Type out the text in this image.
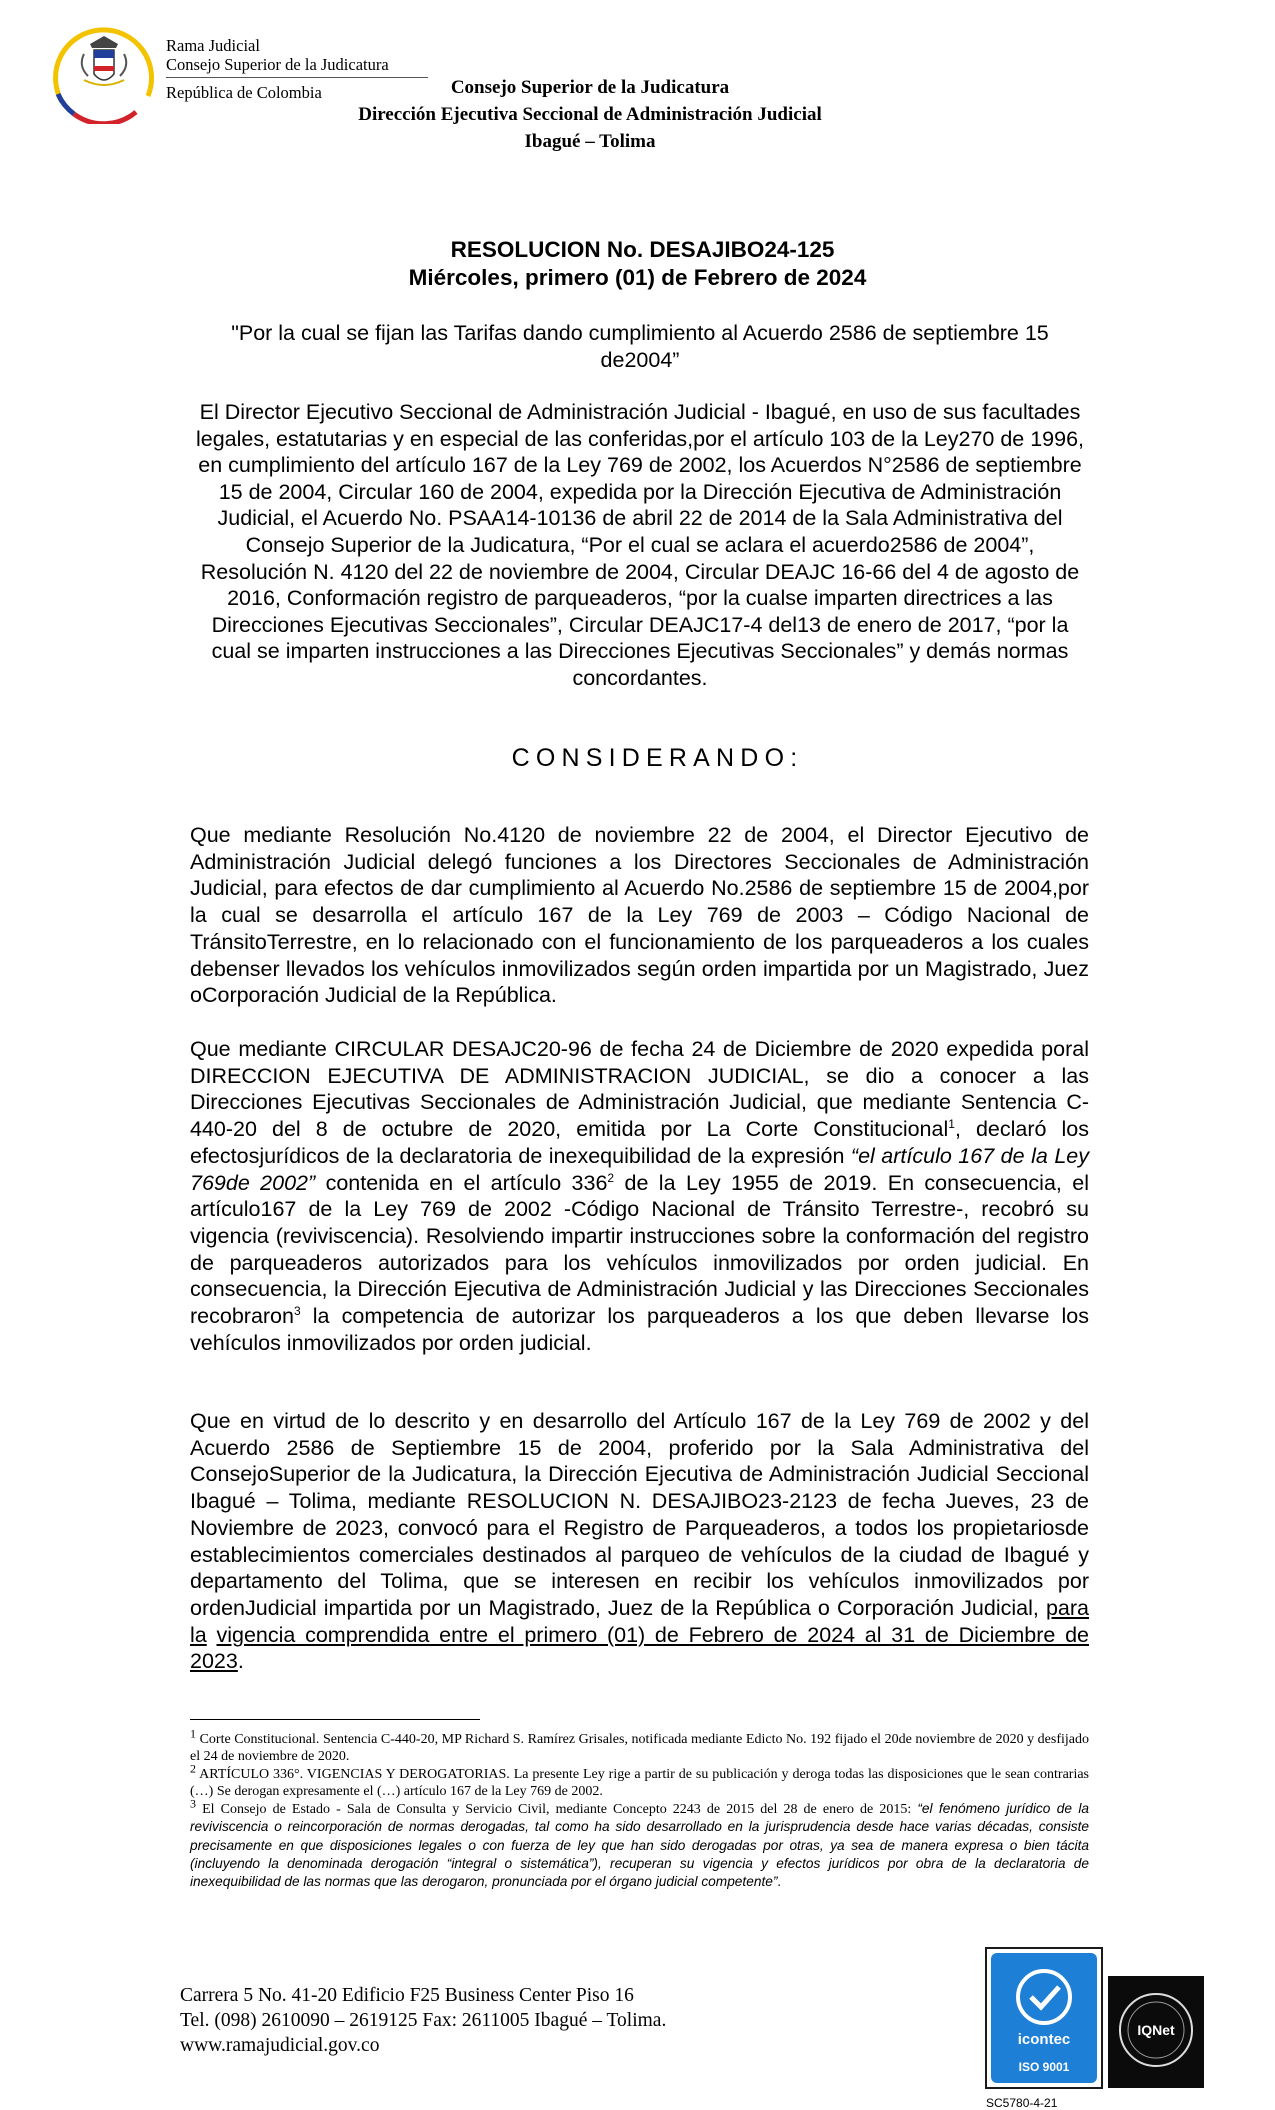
Rama Judicial
Consejo Superior de la Judicatura
República de Colombia	Consejo Superior de la Judicatura
Dirección Ejecutiva Seccional de Administración Judicial
Ibagué – Tolima
RESOLUCION No. DESAJIBO24-125
Miércoles, primero (01) de Febrero de 2024
"Por la cual se fijan las Tarifas dando cumplimiento al Acuerdo 2586 de septiembre 15 de2004”
El Director Ejecutivo Seccional de Administración Judicial - Ibagué, en uso de sus facultades legales, estatutarias y en especial de las conferidas,por el artículo 103 de la Ley270 de 1996, en cumplimiento del artículo 167 de la Ley 769 de 2002, los Acuerdos N°2586 de septiembre 15 de 2004, Circular 160 de 2004, expedida por la Dirección Ejecutiva de Administración Judicial, el Acuerdo No. PSAA14-10136 de abril 22 de 2014 de la Sala Administrativa del Consejo Superior de la Judicatura, “Por el cual se aclara el acuerdo2586 de 2004”, Resolución N. 4120 del 22 de noviembre de 2004, Circular DEAJC 16-66 del 4 de agosto de 2016, Conformación registro de parqueaderos, “por la cualse imparten directrices a las Direcciones Ejecutivas Seccionales”, Circular DEAJC17-4 del13 de enero de 2017, “por la cual se imparten instrucciones a las Direcciones Ejecutivas Seccionales” y demás normas concordantes.
CONSIDERANDO:
Que mediante Resolución No.4120 de noviembre 22 de 2004, el Director Ejecutivo de Administración Judicial delegó funciones a los Directores Seccionales de Administración Judicial, para efectos de dar cumplimiento al Acuerdo No.2586 de septiembre 15 de 2004,por la cual se desarrolla el artículo 167 de la Ley 769 de 2003 – Código Nacional de TránsitoTerrestre, en lo relacionado con el funcionamiento de los parqueaderos a los cuales debenser llevados los vehículos inmovilizados según orden impartida por un Magistrado, Juez oCorporación Judicial de la República.
Que mediante CIRCULAR DESAJC20-96 de fecha 24 de Diciembre de 2020 expedida poral DIRECCION EJECUTIVA DE ADMINISTRACION JUDICIAL, se dio a conocer a las Direcciones Ejecutivas Seccionales de Administración Judicial, que mediante Sentencia C-440-20 del 8 de octubre de 2020, emitida por La Corte Constitucional$^1$, declaró los efectosjurídicos de la declaratoria de inexequibilidad de la expresión “el artículo 167 de la Ley 769de 2002” contenida en el artículo $336^2$ de la Ley 1955 de 2019. En consecuencia, el artículo167 de la Ley 769 de 2002 -Código Nacional de Tránsito Terrestre-, recobró su vigencia (reviviscencia). Resolviendo impartir instrucciones sobre la conformación del registro de parqueaderos autorizados para los vehículos inmovilizados por orden judicial. En consecuencia, la Dirección Ejecutiva de Administración Judicial y las Direcciones Seccionales recobraron$^3$ la competencia de autorizar los parqueaderos a los que deben llevarse los vehículos inmovilizados por orden judicial.
Que en virtud de lo descrito y en desarrollo del Artículo 167 de la Ley 769 de 2002 y del Acuerdo 2586 de Septiembre 15 de 2004, proferido por la Sala Administrativa del ConsejoSuperior de la Judicatura, la Dirección Ejecutiva de Administración Judicial Seccional Ibagué – Tolima, mediante RESOLUCION N. DESAJIBO23-2123 de fecha Jueves, 23 de Noviembre de 2023, convocó para el Registro de Parqueaderos, a todos los propietariosde establecimientos comerciales destinados al parqueo de vehículos de la ciudad de Ibagué y departamento del Tolima, que se interesen en recibir los vehículos inmovilizados por ordenJudicial impartida por un Magistrado, Juez de la República o Corporación Judicial, para la vigencia comprendida entre el primero (01) de Febrero de 2024 al 31 de Diciembre de 2023.

$^1$ Corte Constitucional. Sentencia C-440-20, MP Richard S. Ramírez Grisales, notificada mediante Edicto No. 192 fijado el 20de noviembre de 2020 y desfijado el 24 de noviembre de 2020.

$^2$ ARTÍCULO 336°. VIGENCIAS Y DEROGATORIAS. La presente Ley rige a partir de su publicación y deroga todas las disposiciones que le sean contrarias (…) Se derogan expresamente el (…) artículo 167 de la Ley 769 de 2002.

$^3$ El Consejo de Estado - Sala de Consulta y Servicio Civil, mediante Concepto 2243 de 2015 del 28 de enero de 2015: “el fenómeno jurídico de la reviviscencia o reincorporación de normas derogadas, tal como ha sido desarrollado en la jurisprudencia desde hace varias décadas, consiste precisamente en que disposiciones legales o con fuerza de ley que han sido derogadas por otras, ya sea de manera expresa o bien tácita (incluyendo la denominada derogación “integral o sistemática”), recuperan su vigencia y efectos jurídicos por obra de la declaratoria de inexequibilidad de las normas que las derogaron, pronunciada por el órgano judicial competente”.

Carrera 5 No. 41-20 Edificio F25 Business Center Piso 16
Tel. (098) 2610090 – 2619125 Fax: 2611005 Ibagué – Tolima.
www.ramajudicial.gov.co	icontec
ISO 9001
IQNet
SC5780-4-21
